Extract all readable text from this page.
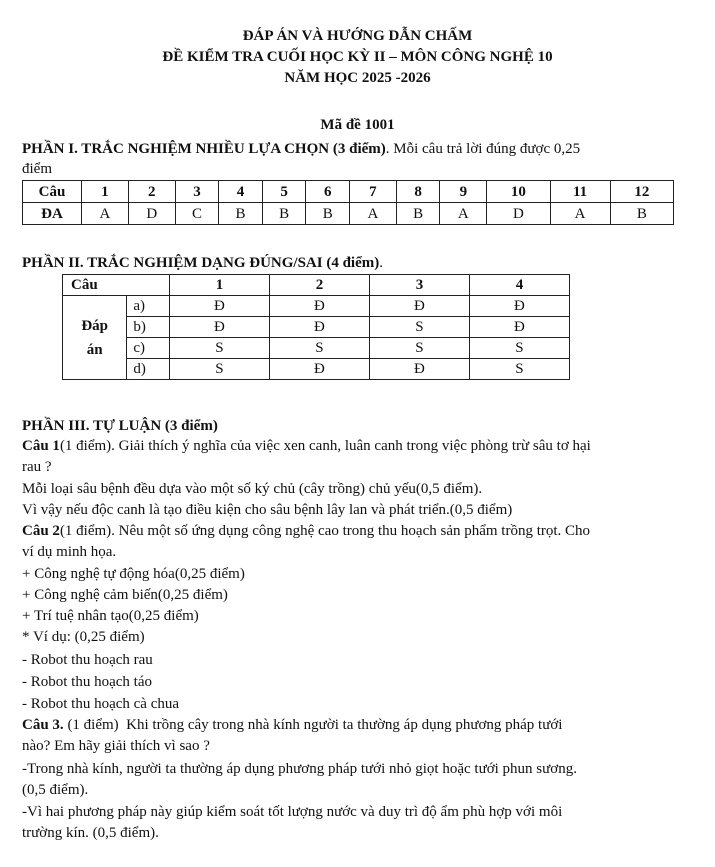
ĐÁP ÁN VÀ HƯỚNG DẪN CHẤM
ĐỀ KIỂM TRA CUỐI HỌC KỲ II – MÔN CÔNG NGHỆ 10
NĂM HỌC 2025 -2026
Mã đề 1001
PHẦN I. TRẮC NGHIỆM NHIỀU LỰA CHỌN (3 điểm). Mỗi câu trả lời đúng được 0,25
điểm
Câu	1	2	3	4	5	6	7	8	9	10	11	12
ĐA	A	D	C	B	B	B	A	B	A	D	A	B
PHẦN II. TRẮC NGHIỆM DẠNG ĐÚNG/SAI (4 điểm).
Câu		1	2	3	4

Đáp
án	a)	Đ	Đ	Đ	Đ
	b)	Đ	Đ	S	Đ
	c)	S	S	S	S
	d)	S	Đ	Đ	S
PHẦN III. TỰ LUẬN (3 điểm)
Câu 1(1 điểm). Giải thích ý nghĩa của việc xen canh, luân canh trong việc phòng trừ sâu tơ hại
rau ?
Mỗi loại sâu bệnh đều dựa vào một số ký chủ (cây trồng) chủ yếu(0,5 điểm).
Vì vậy nếu độc canh là tạo điều kiện cho sâu bệnh lây lan và phát triển.(0,5 điểm)
Câu 2(1 điểm). Nêu một số ứng dụng công nghệ cao trong thu hoạch sản phẩm trồng trọt. Cho
ví dụ minh họa.
+ Công nghệ tự động hóa(0,25 điểm)
+ Công nghệ cảm biến(0,25 điểm)
+ Trí tuệ nhân tạo(0,25 điểm)
* Ví dụ: (0,25 điểm)
- Robot thu hoạch rau
- Robot thu hoạch táo
- Robot thu hoạch cà chua
Câu 3. (1 điểm)  Khi trồng cây trong nhà kính người ta thường áp dụng phương pháp tưới
nào? Em hãy giải thích vì sao ?
-Trong nhà kính, người ta thường áp dụng phương pháp tưới nhỏ giọt hoặc tưới phun sương.
(0,5 điểm).
-Vì hai phương pháp này giúp kiểm soát tốt lượng nước và duy trì độ ẩm phù hợp với môi
trường kín. (0,5 điểm).
